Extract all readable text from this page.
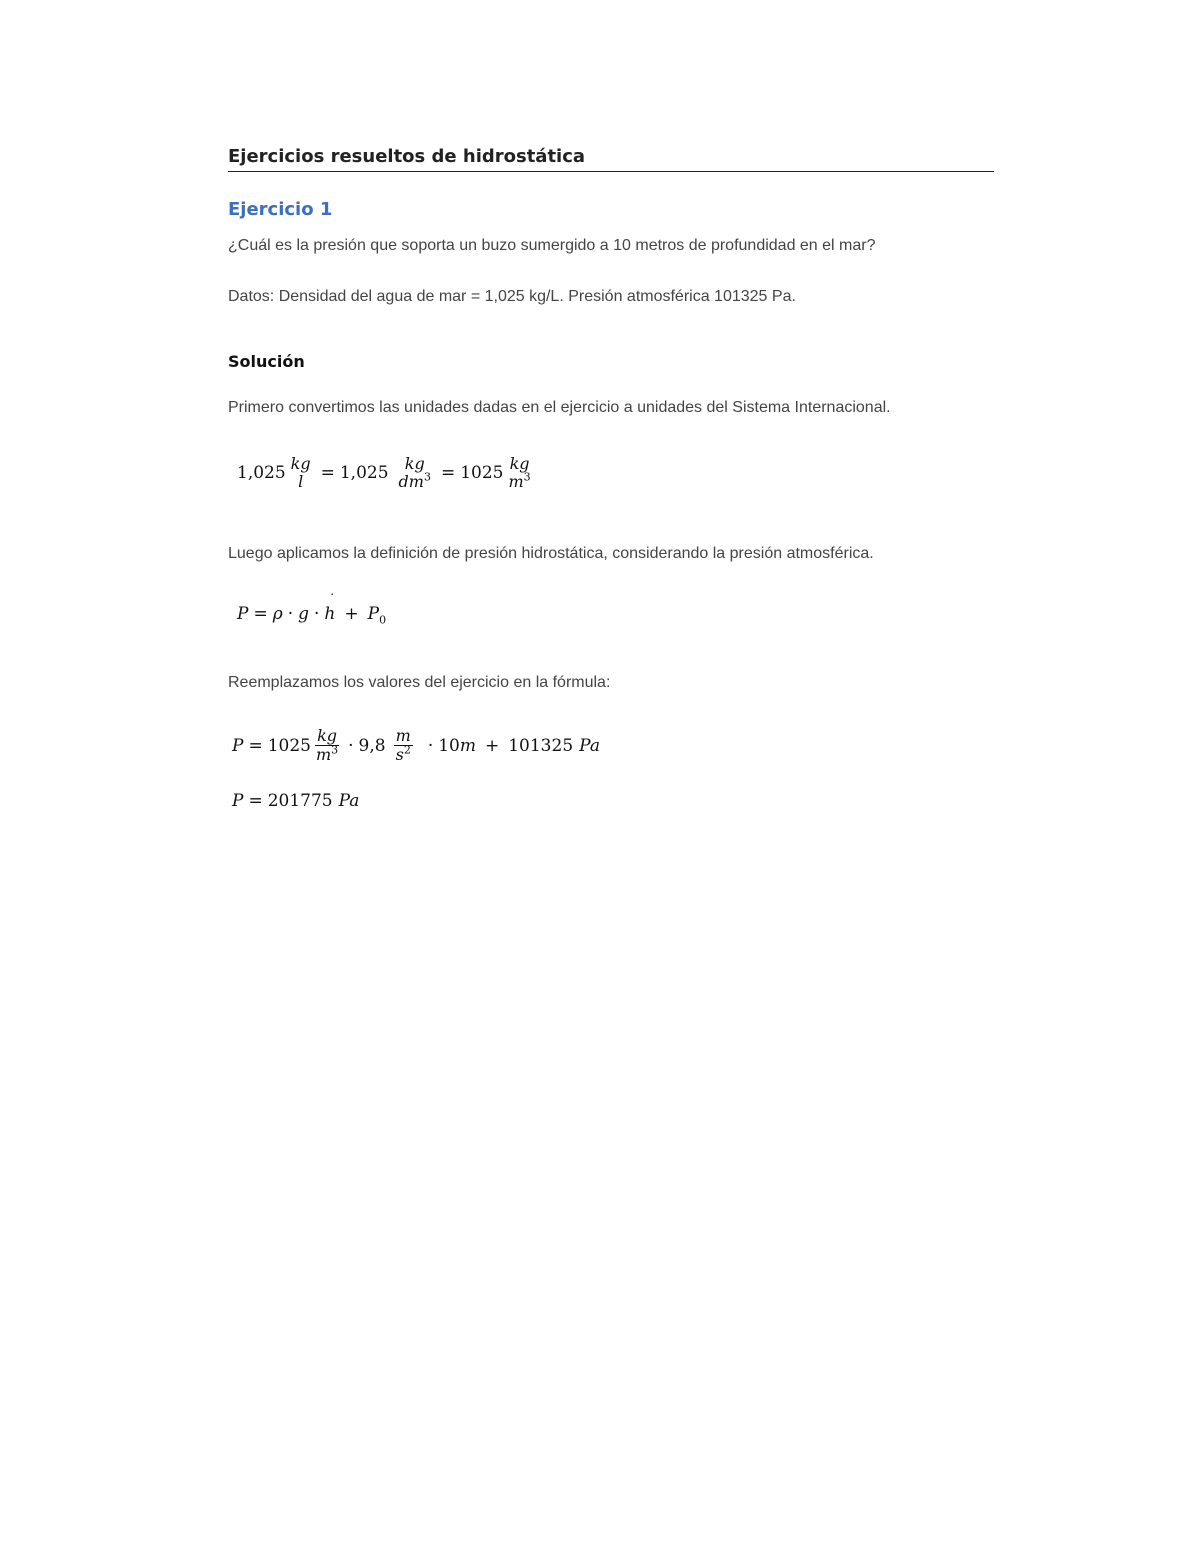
Ejercicios resueltos de hidrostática
Ejercicio 1

¿Cuál es la presión que soporta un buzo sumergido a 10 metros de profundidad en el mar?

Datos: Densidad del agua de mar = 1,025 kg/L. Presión atmosférica 101325 Pa.

Solución

Primero convertimos las unidades dadas en el ejercicio a unidades del Sistema Internacional.

1,025 kg
l = 1,025 kg
$dm^3 = 1025$ kg
$m^3$

Luego aplicamos la definición de presión hidrostática, considerando la presión atmosférica.

P = ρ · g · h ˙ + $P_0$

Reemplazamos los valores del ejercicio en la fórmula:

$P = 1025 \frac{kg}{m^3} \cdot 9,8 \frac{m}{s^2} \cdot 10$ m + 101325 Pa
P = 201775 Pa
